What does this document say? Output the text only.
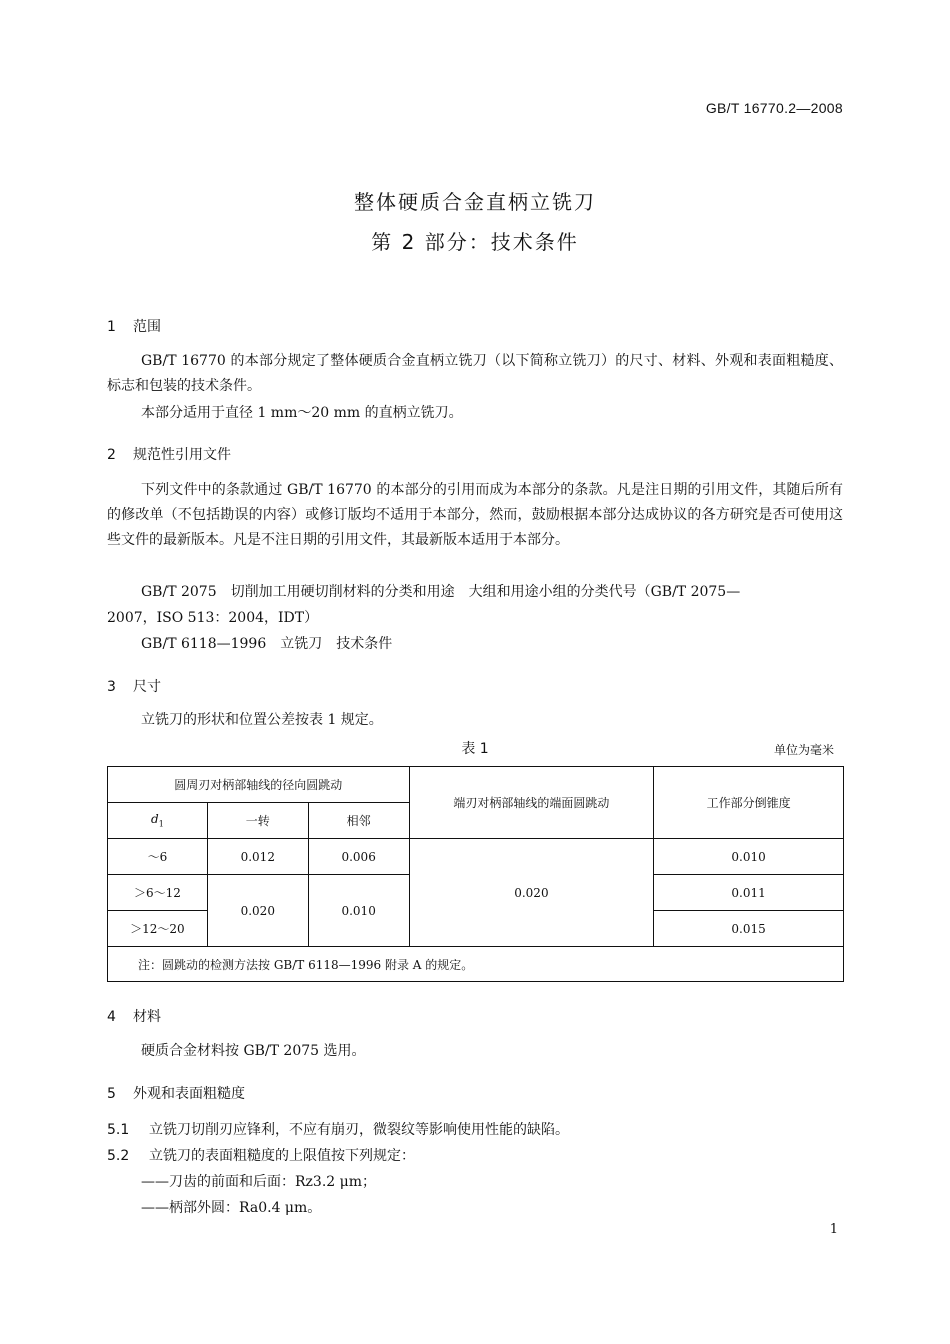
GB/T 16770.2—2008
整体硬质合金直柄立铣刀
第 2 部分：技术条件
1 范围
GB/T 16770 的本部分规定了整体硬质合金直柄立铣刀（以下简称立铣刀）的尺寸、材料、外观和表面粗糙度、标志和包装的技术条件。
本部分适用于直径 1 mm～20 mm 的直柄立铣刀。
2 规范性引用文件
下列文件中的条款通过 GB/T 16770 的本部分的引用而成为本部分的条款。凡是注日期的引用文件，其随后所有的修改单（不包括勘误的内容）或修订版均不适用于本部分，然而，鼓励根据本部分达成协议的各方研究是否可使用这些文件的最新版本。凡是不注日期的引用文件，其最新版本适用于本部分。
GB/T 2075　切削加工用硬切削材料的分类和用途　大组和用途小组的分类代号（GB/T 2075—
2007，ISO 513：2004，IDT）
GB/T 6118—1996　立铣刀　技术条件
3 尺寸
立铣刀的形状和位置公差按表 1 规定。
表 1	单位为毫米
圆周刃对柄部轴线的径向圆跳动			端刃对柄部轴线的端面圆跳动	工作部分倒锥度
$d_1$	一转	相邻		
～6	0.012	0.006	0.020	0.010
＞6～12	0.020	0.010		0.011
＞12～20				0.015
注：圆跳动的检测方法按 GB/T 6118—1996 附录 A 的规定。				
4 材料
硬质合金材料按 GB/T 2075 选用。
5 外观和表面粗糙度
5.1 立铣刀切削刃应锋利，不应有崩刃，微裂纹等影响使用性能的缺陷。
5.2 立铣刀的表面粗糙度的上限值按下列规定：
——刀齿的前面和后面：Rz3.2 μm；
——柄部外圆：Ra0.4 μm。
1
